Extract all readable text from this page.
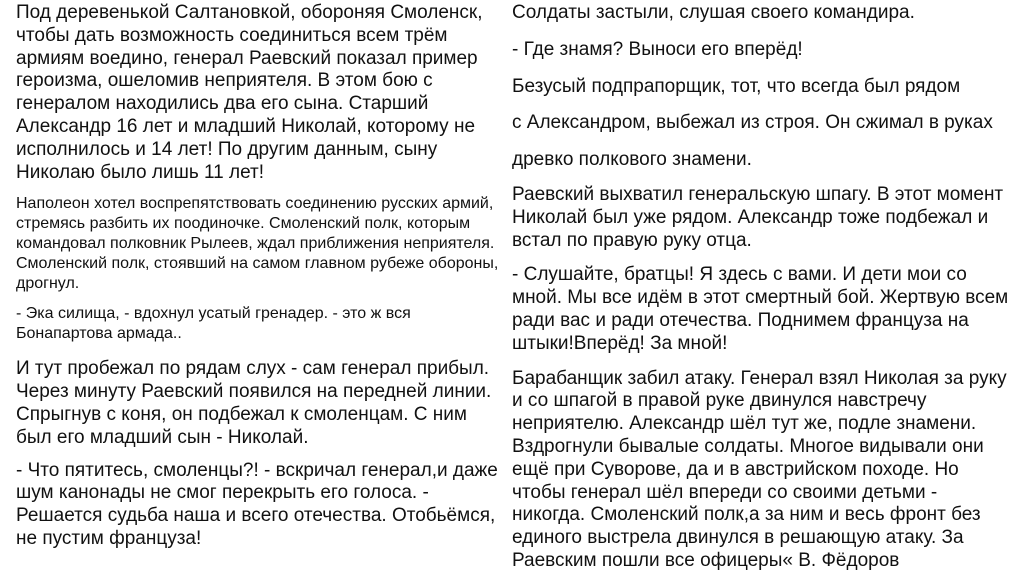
Под деревенькой Салтановкой, обороняя Смоленск, чтобы дать возможность соединиться всем трём армиям воедино, генерал Раевский показал пример героизма, ошеломив неприятеля. В этом бою с генералом находились два его сына. Старший Александр 16 лет и младший Николай, которому не исполнилось и 14 лет! По другим данным, сыну Николаю было лишь 11 лет!

Наполеон хотел воспрепятствовать соединению русских армий, стремясь разбить их поодиночке. Смоленский полк, которым командовал полковник Рылеев, ждал приближения неприятеля. Смоленский полк, стоявший на самом главном рубеже обороны, дрогнул.

- Эка силища, - вдохнул усатый гренадер. - это ж вся Бонапартова армада..

И тут пробежал по рядам слух - сам генерал прибыл. Через минуту Раевский появился на передней линии. Спрыгнув с коня, он подбежал к смоленцам. С ним был его младший сын - Николай.

- Что пятитесь, смоленцы?! - вскричал генерал,и даже шум канонады не смог перекрыть его голоса. - Решается судьба наша и всего отечества. Отобьёмся, не пустим француза!

Солдаты застыли, слушая своего командира.

- Где знамя? Выноси его вперёд!

Безусый подпрапорщик, тот, что всегда был рядом

с Александром, выбежал из строя. Он сжимал в руках

древко полкового знамени.

Раевский выхватил генеральскую шпагу. В этот момент Николай был уже рядом. Александр тоже подбежал и встал по правую руку отца.

- Слушайте, братцы! Я здесь с вами. И дети мои со мной. Мы все идём в этот смертный бой. Жертвую всем ради вас и ради отечества. Поднимем француза на штыки!Вперёд! За мной!

Барабанщик забил атаку. Генерал взял Николая за руку и со шпагой в правой руке двинулся навстречу неприятелю. Александр шёл тут же, подле знамени. Вздрогнули бывалые солдаты. Многое видывали они ещё при Суворове, да и в австрийском походе. Но чтобы генерал шёл впереди со своими детьми - никогда. Смоленский полк,а за ним и весь фронт без единого выстрела двинулся в решающую атаку. За Раевским пошли все офицеры« В. Фёдоров
